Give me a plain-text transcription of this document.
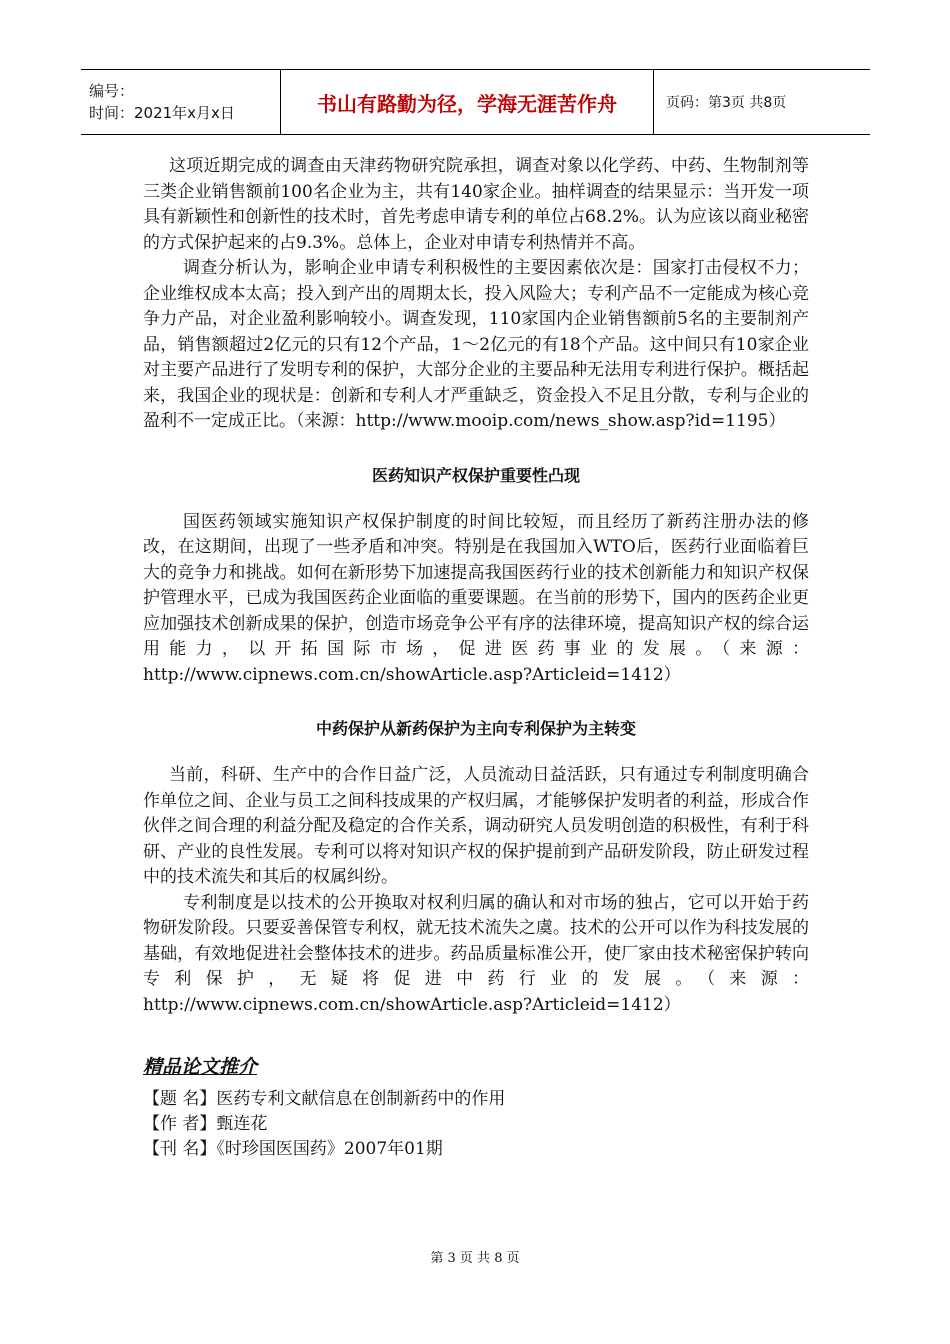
编号：
时间：2021年x月x日	书山有路勤为径，学海无涯苦作舟	页码：第3页 共8页

这项近期完成的调查由天津药物研究院承担，调查对象以化学药、中药、生物制剂等三类企业销售额前100名企业为主，共有140家企业。抽样调查的结果显示：当开发一项具有新颖性和创新性的技术时，首先考虑申请专利的单位占68.2%。认为应该以商业秘密的方式保护起来的占9.3%。总体上，企业对申请专利热情并不高。

调查分析认为，影响企业申请专利积极性的主要因素依次是：国家打击侵权不力；企业维权成本太高；投入到产出的周期太长，投入风险大；专利产品不一定能成为核心竞争力产品，对企业盈利影响较小。调查发现，110家国内企业销售额前5名的主要制剂产品，销售额超过2亿元的只有12个产品，1～2亿元的有18个产品。这中间只有10家企业对主要产品进行了发明专利的保护，大部分企业的主要品种无法用专利进行保护。概括起来，我国企业的现状是：创新和专利人才严重缺乏，资金投入不足且分散，专利与企业的盈利不一定成正比。（来源：http://www.mooip.com/news_show.asp?id=1195）

医药知识产权保护重要性凸现

国医药领域实施知识产权保护制度的时间比较短，而且经历了新药注册办法的修改，在这期间，出现了一些矛盾和冲突。特别是在我国加入WTO后，医药行业面临着巨大的竞争力和挑战。如何在新形势下加速提高我国医药行业的技术创新能力和知识产权保护管理水平，已成为我国医药企业面临的重要课题。在当前的形势下，国内的医药企业更应加强技术创新成果的保护，创造市场竞争公平有序的法律环境，提高知识产权的综合运用能力，以开拓国际市场，促进医药事业的发展。（来源：http://www.cipnews.com.cn/showArticle.asp?Articleid=1412）

中药保护从新药保护为主向专利保护为主转变

当前，科研、生产中的合作日益广泛，人员流动日益活跃，只有通过专利制度明确合作单位之间、企业与员工之间科技成果的产权归属，才能够保护发明者的利益，形成合作伙伴之间合理的利益分配及稳定的合作关系，调动研究人员发明创造的积极性，有利于科研、产业的良性发展。专利可以将对知识产权的保护提前到产品研发阶段，防止研发过程中的技术流失和其后的权属纠纷。

专利制度是以技术的公开换取对权利归属的确认和对市场的独占，它可以开始于药物研发阶段。只要妥善保管专利权，就无技术流失之虞。技术的公开可以作为科技发展的基础，有效地促进社会整体技术的进步。药品质量标准公开，使厂家由技术秘密保护转向专利保护，无疑将促进中药行业的发展。（来源：http://www.cipnews.com.cn/showArticle.asp?Articleid=1412）

精品论文推介

【题 名】医药专利文献信息在创制新药中的作用

【作 者】甄连花

【刊 名】《时珍国医国药》2007年01期

第 3 页 共 8 页
